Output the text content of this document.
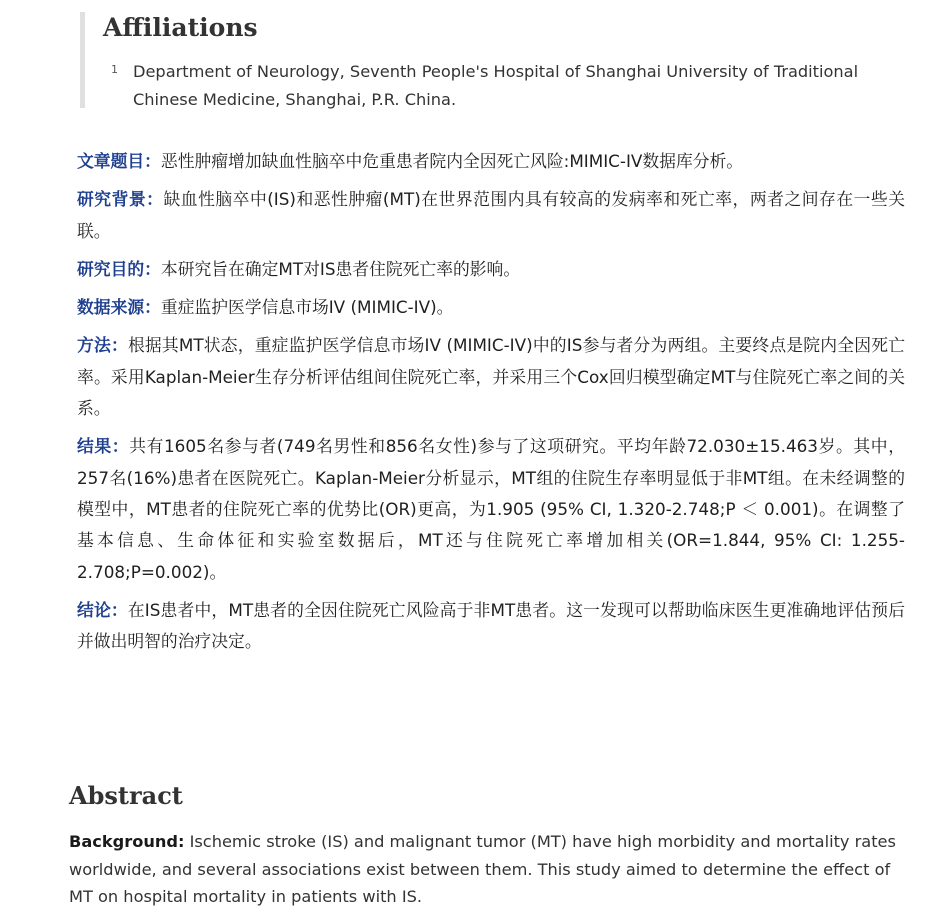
Affiliations
1 Department of Neurology, Seventh People's Hospital of Shanghai University of Traditional Chinese Medicine, Shanghai, P.R. China.

文章题目：恶性肿瘤增加缺血性脑卒中危重患者院内全因死亡风险:MIMIC-IV数据库分析。

研究背景：缺血性脑卒中(IS)和恶性肿瘤(MT)在世界范围内具有较高的发病率和死亡率，两者之间存在一些关联。

研究目的：本研究旨在确定MT对IS患者住院死亡率的影响。

数据来源：重症监护医学信息市场IV (MIMIC-IV)。

方法：根据其MT状态，重症监护医学信息市场IV (MIMIC-IV)中的IS参与者分为两组。主要终点是院内全因死亡率。采用Kaplan-Meier生存分析评估组间住院死亡率，并采用三个Cox回归模型确定MT与住院死亡率之间的关系。

结果：共有1605名参与者(749名男性和856名女性)参与了这项研究。平均年龄72.030±15.463岁。其中，257名(16%)患者在医院死亡。Kaplan-Meier分析显示，MT组的住院生存率明显低于非MT组。在未经调整的模型中，MT患者的住院死亡率的优势比(OR)更高，为1.905 (95% CI, 1.320-2.748;P ＜ 0.001)。在调整了基本信息、生命体征和实验室数据后，MT还与住院死亡率增加相关(OR=1.844, 95% CI: 1.255-2.708;P=0.002)。

结论：在IS患者中，MT患者的全因住院死亡风险高于非MT患者。这一发现可以帮助临床医生更准确地评估预后并做出明智的治疗决定。

Abstract

Background: Ischemic stroke (IS) and malignant tumor (MT) have high morbidity and mortality rates worldwide, and several associations exist between them. This study aimed to determine the effect of MT on hospital mortality in patients with IS.
